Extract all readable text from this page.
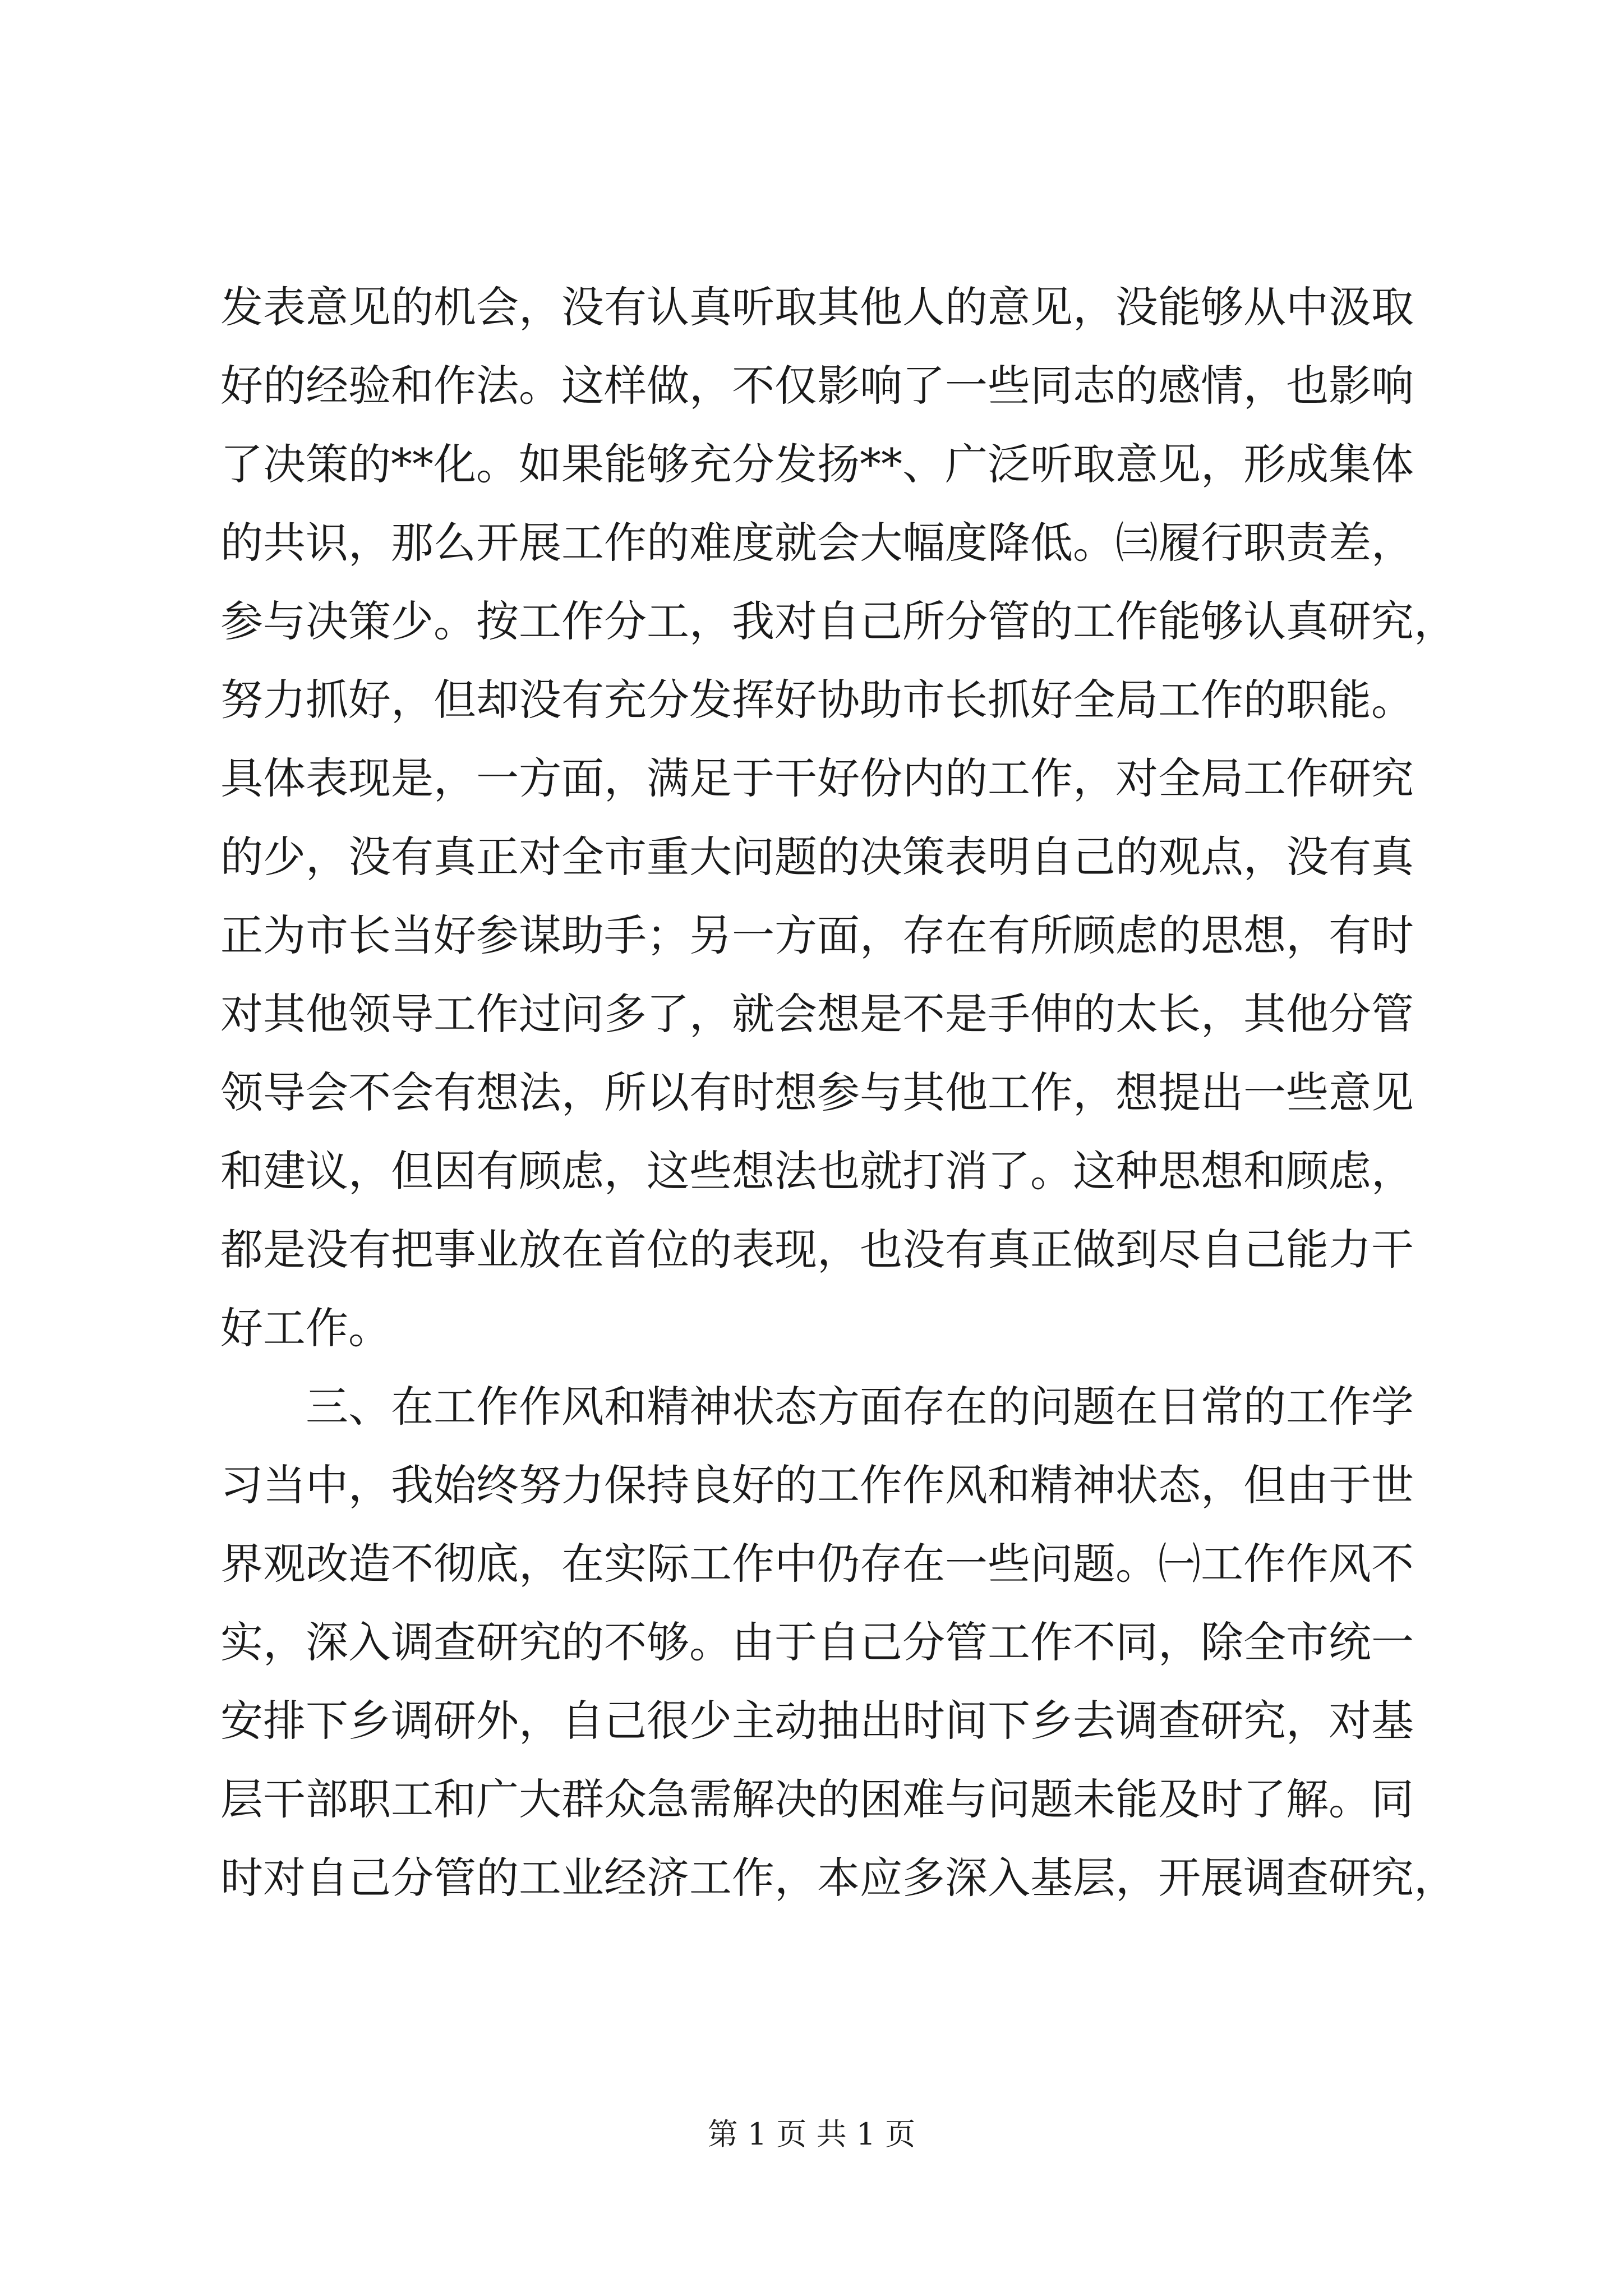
发表意见的机会，没有认真听取其他人的意见，没能够从中汲取
好的经验和作法。这样做，不仅影响了一些同志的感情，也影响
了决策的**化。如果能够充分发扬**、广泛听取意见，形成集体
的共识，那么开展工作的难度就会大幅度降低。㈢履行职责差，
参与决策少。按工作分工，我对自己所分管的工作能够认真研究，
努力抓好，但却没有充分发挥好协助市长抓好全局工作的职能。
具体表现是，一方面，满足于干好份内的工作，对全局工作研究
的少，没有真正对全市重大问题的决策表明自己的观点，没有真
正为市长当好参谋助手；另一方面，存在有所顾虑的思想，有时
对其他领导工作过问多了，就会想是不是手伸的太长，其他分管
领导会不会有想法，所以有时想参与其他工作，想提出一些意见
和建议，但因有顾虑，这些想法也就打消了。这种思想和顾虑，
都是没有把事业放在首位的表现，也没有真正做到尽自己能力干
好工作。
三、在工作作风和精神状态方面存在的问题在日常的工作学
习当中，我始终努力保持良好的工作作风和精神状态，但由于世
界观改造不彻底，在实际工作中仍存在一些问题。㈠工作作风不
实，深入调查研究的不够。由于自己分管工作不同，除全市统一
安排下乡调研外，自己很少主动抽出时间下乡去调查研究，对基
层干部职工和广大群众急需解决的困难与问题未能及时了解。同
时对自己分管的工业经济工作，本应多深入基层，开展调查研究，
第 1 页 共 1 页
